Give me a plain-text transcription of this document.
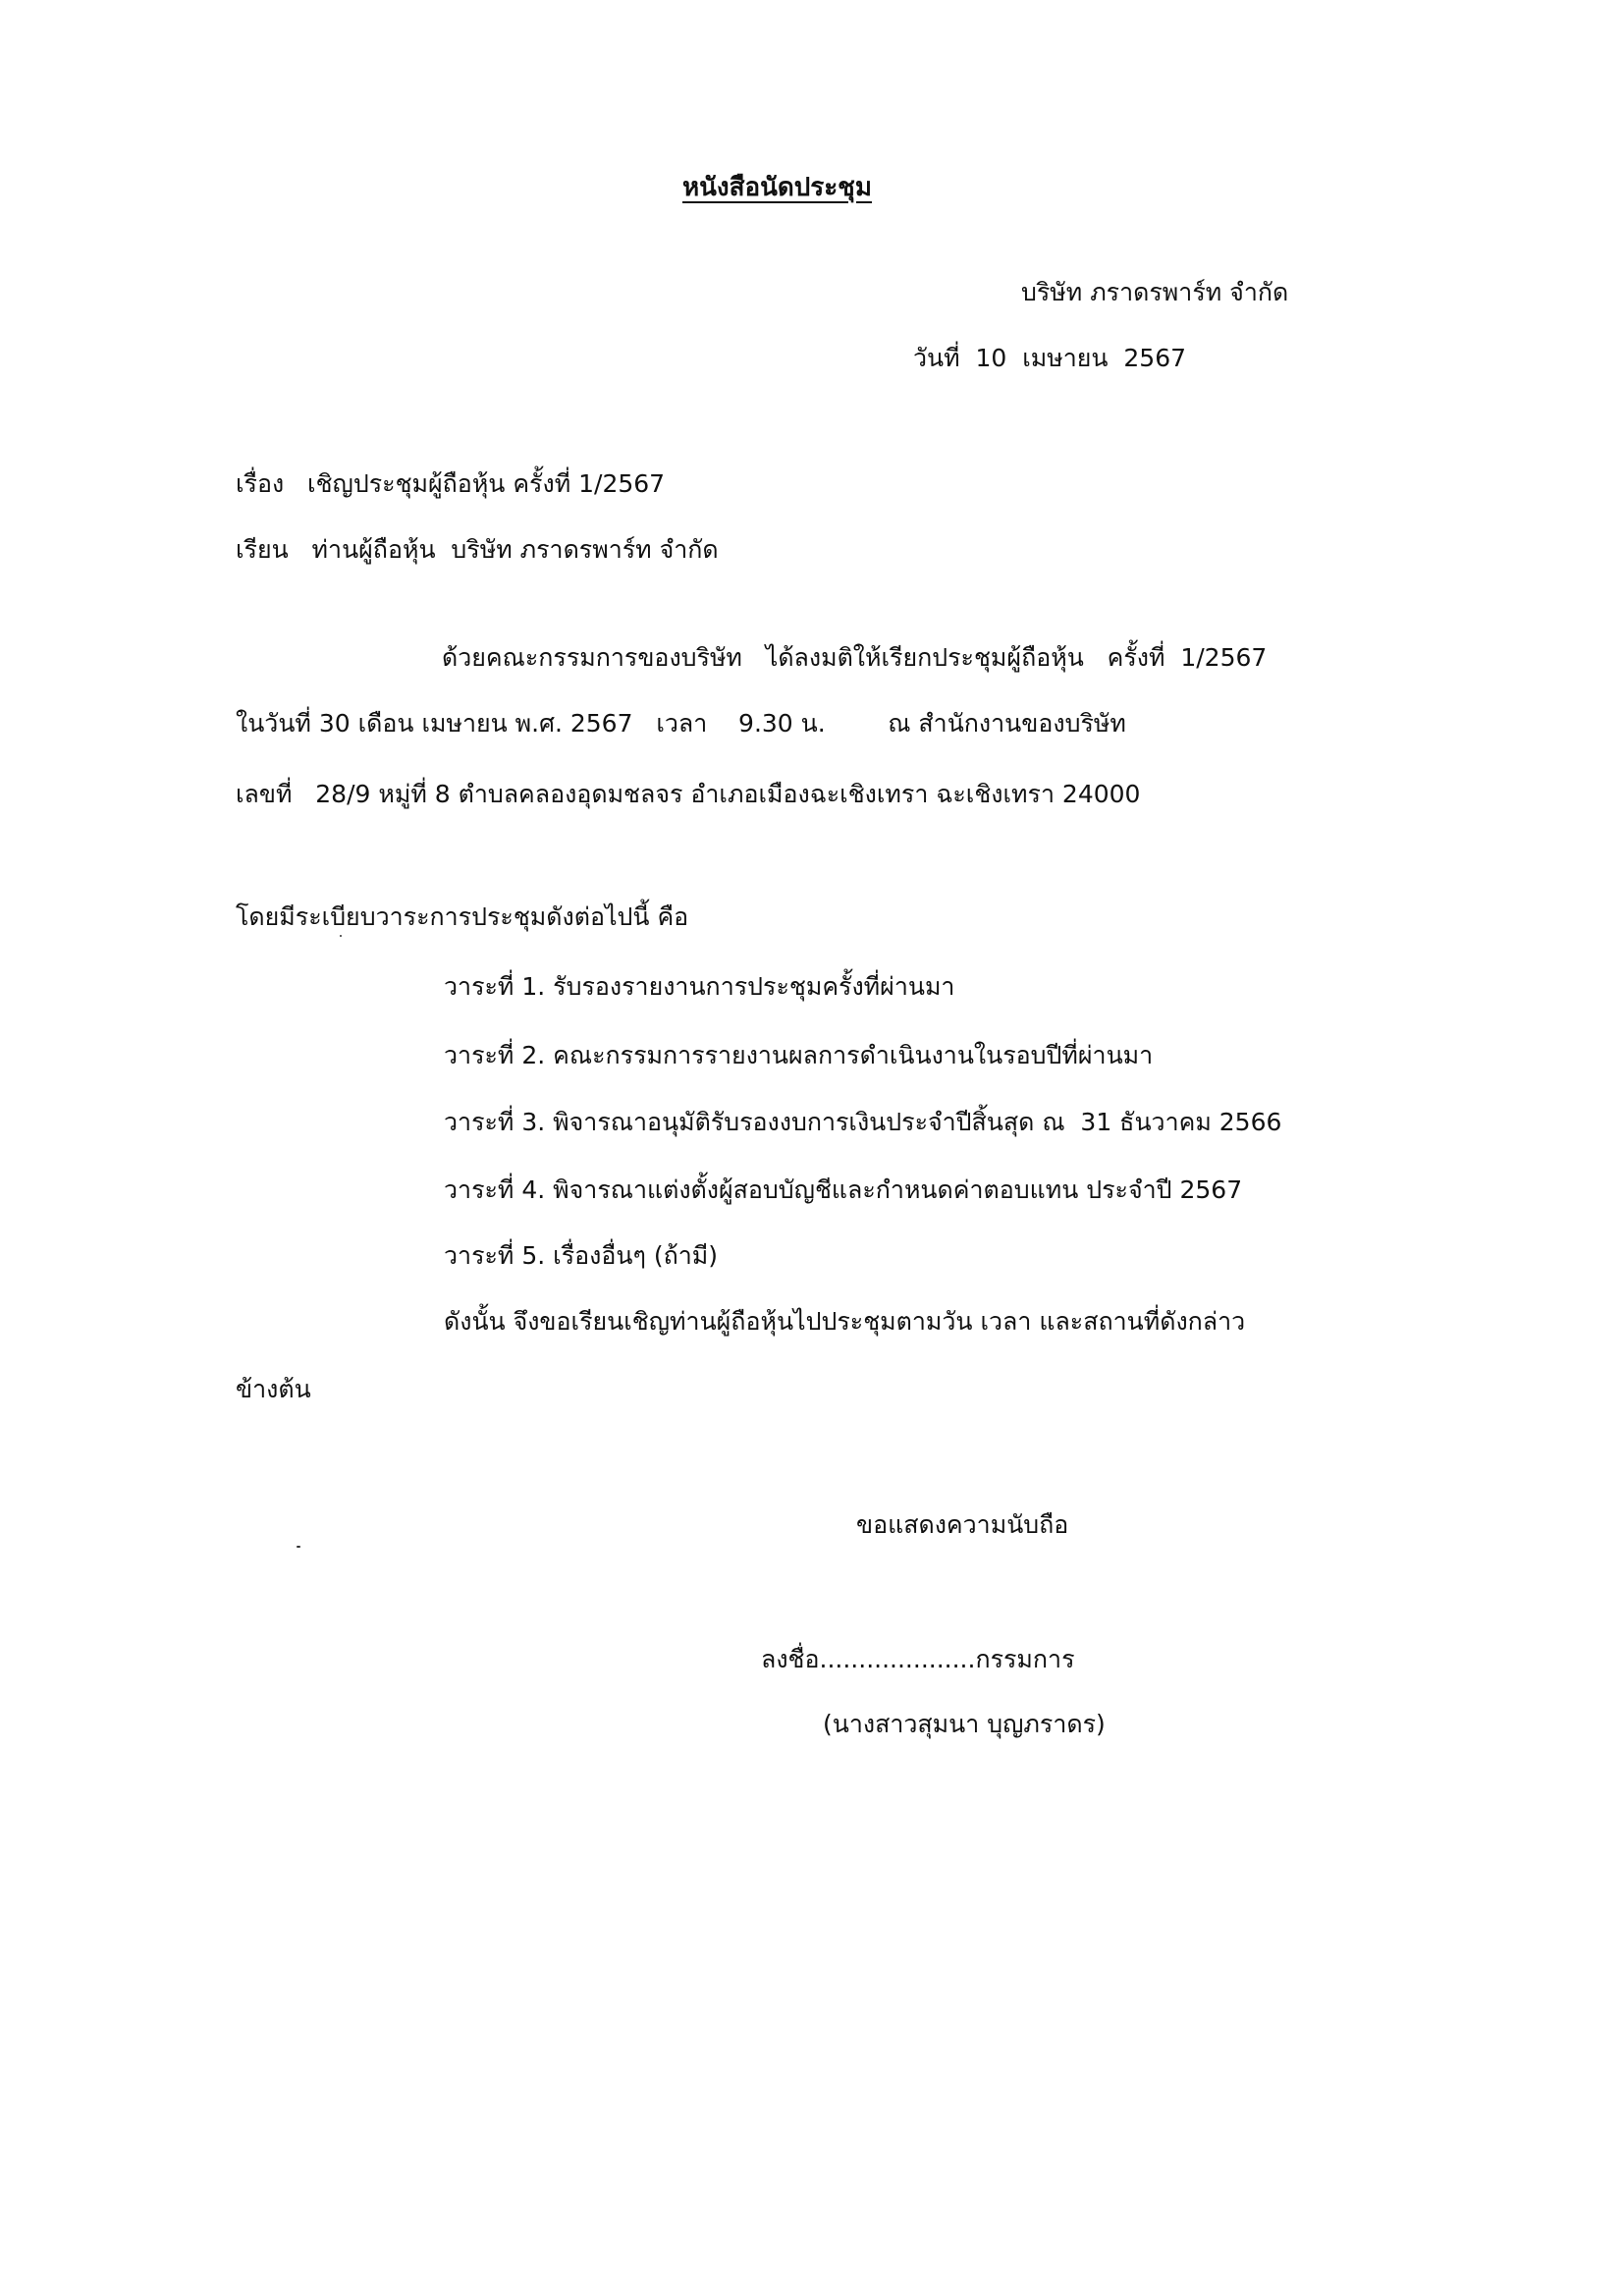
หนังสือนัดประชุม
บริษัท ภราดรพาร์ท จำกัด
วันที่  10  เมษายน  2567
เรื่อง   เชิญประชุมผู้ถือหุ้น ครั้งที่ 1/2567
เรียน   ท่านผู้ถือหุ้น  บริษัท ภราดรพาร์ท จำกัด
ด้วยคณะกรรมการของบริษัท   ได้ลงมติให้เรียกประชุมผู้ถือหุ้น   ครั้งที่  1/2567
ในวันที่ 30 เดือน เมษายน พ.ศ. 2567   เวลา    9.30 น.        ณ สำนักงานของบริษัท
เลขที่   28/9 หมู่ที่ 8 ตำบลคลองอุดมชลจร อำเภอเมืองฉะเชิงเทรา ฉะเชิงเทรา 24000
โดยมีระเบียบวาระการประชุมดังต่อไปนี้ คือ
วาระที่ 1. รับรองรายงานการประชุมครั้งที่ผ่านมา
วาระที่ 2. คณะกรรมการรายงานผลการดำเนินงานในรอบปีที่ผ่านมา
วาระที่ 3. พิจารณาอนุมัติรับรองงบการเงินประจำปีสิ้นสุด ณ  31 ธันวาคม 2566
วาระที่ 4. พิจารณาแต่งตั้งผู้สอบบัญชีและกำหนดค่าตอบแทน ประจำปี 2567
วาระที่ 5. เรื่องอื่นๆ (ถ้ามี)
ดังนั้น จึงขอเรียนเชิญท่านผู้ถือหุ้นไปประชุมตามวัน เวลา และสถานที่ดังกล่าว
ข้างต้น
ขอแสดงความนับถือ
ลงชื่อ....................กรรมการ
(นางสาวสุมนา บุญภราดร)
